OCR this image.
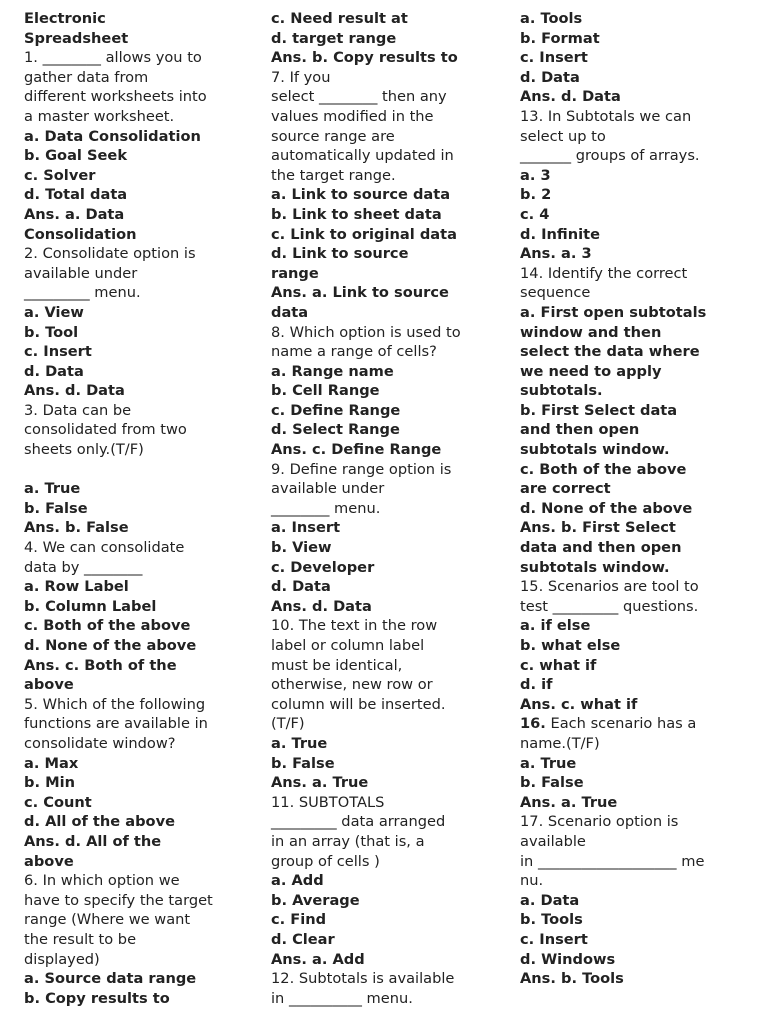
Electronic
Spreadsheet
1. ________ allows you to
gather data from
different worksheets into
a master worksheet.
a. Data Consolidation
b. Goal Seek
c. Solver
d. Total data
Ans. a. Data
Consolidation
2. Consolidate option is
available under
_________ menu.
a. View
b. Tool
c. Insert
d. Data
Ans. d. Data
3. Data can be
consolidated from two
sheets only.(T/F)
a. True
b. False
Ans. b. False
4. We can consolidate
data by ________
a. Row Label
b. Column Label
c. Both of the above
d. None of the above
Ans. c. Both of the
above
5. Which of the following
functions are available in
consolidate window?
a. Max
b. Min
c. Count
d. All of the above
Ans. d. All of the
above
6. In which option we
have to specify the target
range (Where we want
the result to be
displayed)
a. Source data range
b. Copy results to
c. Need result at
d. target range
Ans. b. Copy results to
7. If you
select ________ then any
values modified in the
source range are
automatically updated in
the target range.
a. Link to source data
b. Link to sheet data
c. Link to original data
d. Link to source
range
Ans. a. Link to source
data
8. Which option is used to
name a range of cells?
a. Range name
b. Cell Range
c. Define Range
d. Select Range
Ans. c. Define Range
9. Define range option is
available under
________ menu.
a. Insert
b. View
c. Developer
d. Data
Ans. d. Data
10. The text in the row
label or column label
must be identical,
otherwise, new row or
column will be inserted.
(T/F)
a. True
b. False
Ans. a. True
11. SUBTOTALS
_________ data arranged
in an array (that is, a
group of cells )
a. Add
b. Average
c. Find
d. Clear
Ans. a. Add
12. Subtotals is available
in __________ menu.
a. Tools
b. Format
c. Insert
d. Data
Ans. d. Data
13. In Subtotals we can
select up to
_______ groups of arrays.
a. 3
b. 2
c. 4
d. Infinite
Ans. a. 3
14. Identify the correct
sequence
a. First open subtotals
window and then
select the data where
we need to apply
subtotals.
b. First Select data
and then open
subtotals window.
c. Both of the above
are correct
d. None of the above
Ans. b. First Select
data and then open
subtotals window.
15. Scenarios are tool to
test _________ questions.
a. if else
b. what else
c. what if
d. if
Ans. c. what if
16. Each scenario has a
name.(T/F)
a. True
b. False
Ans. a. True
17. Scenario option is
available
in ___________________ me
nu.
a. Data
b. Tools
c. Insert
d. Windows
Ans. b. Tools
